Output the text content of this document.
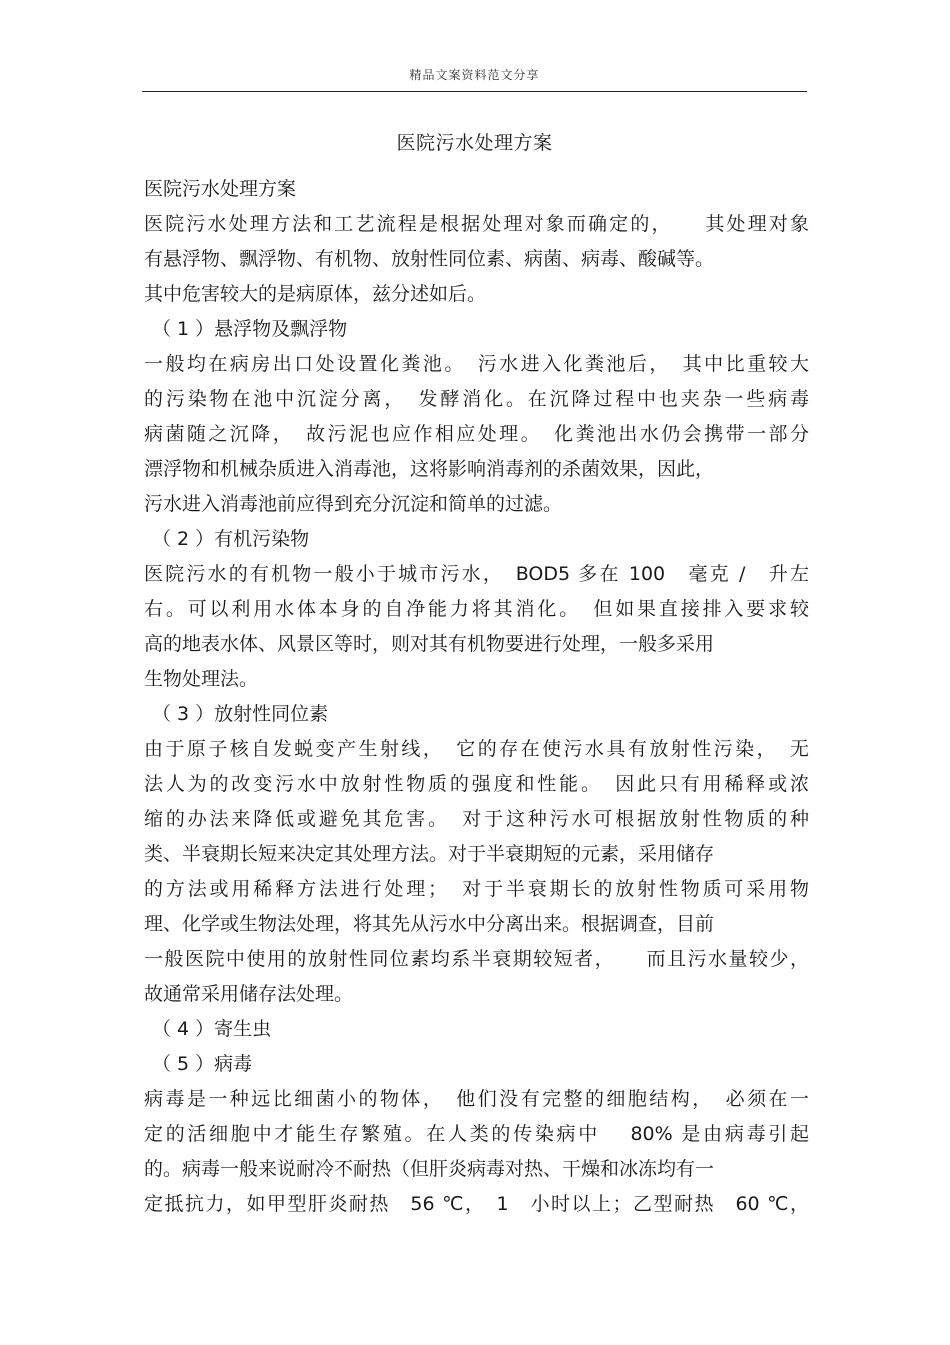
精品文案资料范文分享
医院污水处理方案
医院污水处理方案
医院污水处理方法和工艺流程是根据处理对象而确定的，　　其处理对象
有悬浮物、飘浮物、有机物、放射性同位素、病菌、病毒、酸碱等。
其中危害较大的是病原体，兹分述如后。
（ 1 ）悬浮物及飘浮物
一般均在病房出口处设置化粪池。　污水进入化粪池后，　其中比重较大
的污染物在池中沉淀分离，　发酵消化。在沉降过程中也夹杂一些病毒
病菌随之沉降，　故污泥也应作相应处理。　化粪池出水仍会携带一部分
漂浮物和机械杂质进入消毒池，这将影响消毒剂的杀菌效果，因此，
污水进入消毒池前应得到充分沉淀和简单的过滤。
（ 2 ）有机污染物
医院污水的有机物一般小于城市污水，　BOD5 多在 100　毫克 /　升左
右。可以利用水体本身的自净能力将其消化。　但如果直接排入要求较
高的地表水体、风景区等时，则对其有机物要进行处理，一般多采用
生物处理法。
（ 3 ）放射性同位素
由于原子核自发蜕变产生射线，　它的存在使污水具有放射性污染，　无
法人为的改变污水中放射性物质的强度和性能。　因此只有用稀释或浓
缩的办法来降低或避免其危害。　对于这种污水可根据放射性物质的种
类、半衰期长短来决定其处理方法。对于半衰期短的元素，采用储存
的方法或用稀释方法进行处理；　对于半衰期长的放射性物质可采用物
理、化学或生物法处理，将其先从污水中分离出来。根据调查，目前
一般医院中使用的放射性同位素均系半衰期较短者，　　而且污水量较少，
故通常采用储存法处理。
（ 4 ）寄生虫
（ 5 ）病毒
病毒是一种远比细菌小的物体，　他们没有完整的细胞结构，　必须在一
定的活细胞中才能生存繁殖。在人类的传染病中　 80% 是由病毒引起
的。病毒一般来说耐冷不耐热（但肝炎病毒对热、干燥和冰冻均有一
定抵抗力，如甲型肝炎耐热　56 ℃，　1　小时以上；乙型耐热　60 ℃，
